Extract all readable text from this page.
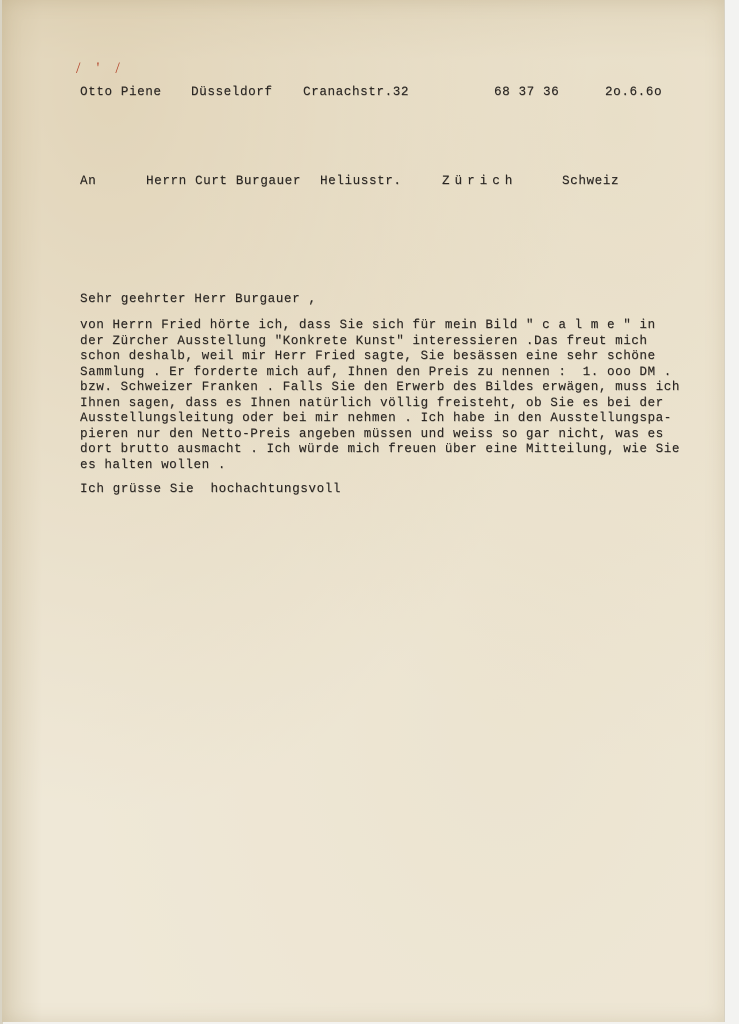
/ ' /
Otto Piene Düsseldorf Cranachstr.32	68 37 36	2o.6.6o
An	Herrn Curt Burgauer Heliusstr.	Zürich	Schweiz
Sehr geehrter Herr Burgauer ,
von Herrn Fried hörte ich, dass Sie sich für mein Bild " c a l m e " in
der Zürcher Ausstellung "Konkrete Kunst" interessieren .Das freut mich
schon deshalb, weil mir Herr Fried sagte, Sie besässen eine sehr schöne
Sammlung . Er forderte mich auf, Ihnen den Preis zu nennen :  1. ooo DM .
bzw. Schweizer Franken . Falls Sie den Erwerb des Bildes erwägen, muss ich
Ihnen sagen, dass es Ihnen natürlich völlig freisteht, ob Sie es bei der
Ausstellungsleitung oder bei mir nehmen . Ich habe in den Ausstellungspa-
pieren nur den Netto-Preis angeben müssen und weiss so gar nicht, was es
dort brutto ausmacht . Ich würde mich freuen über eine Mitteilung, wie Sie
es halten wollen .
Ich grüsse Sie  hochachtungsvoll
